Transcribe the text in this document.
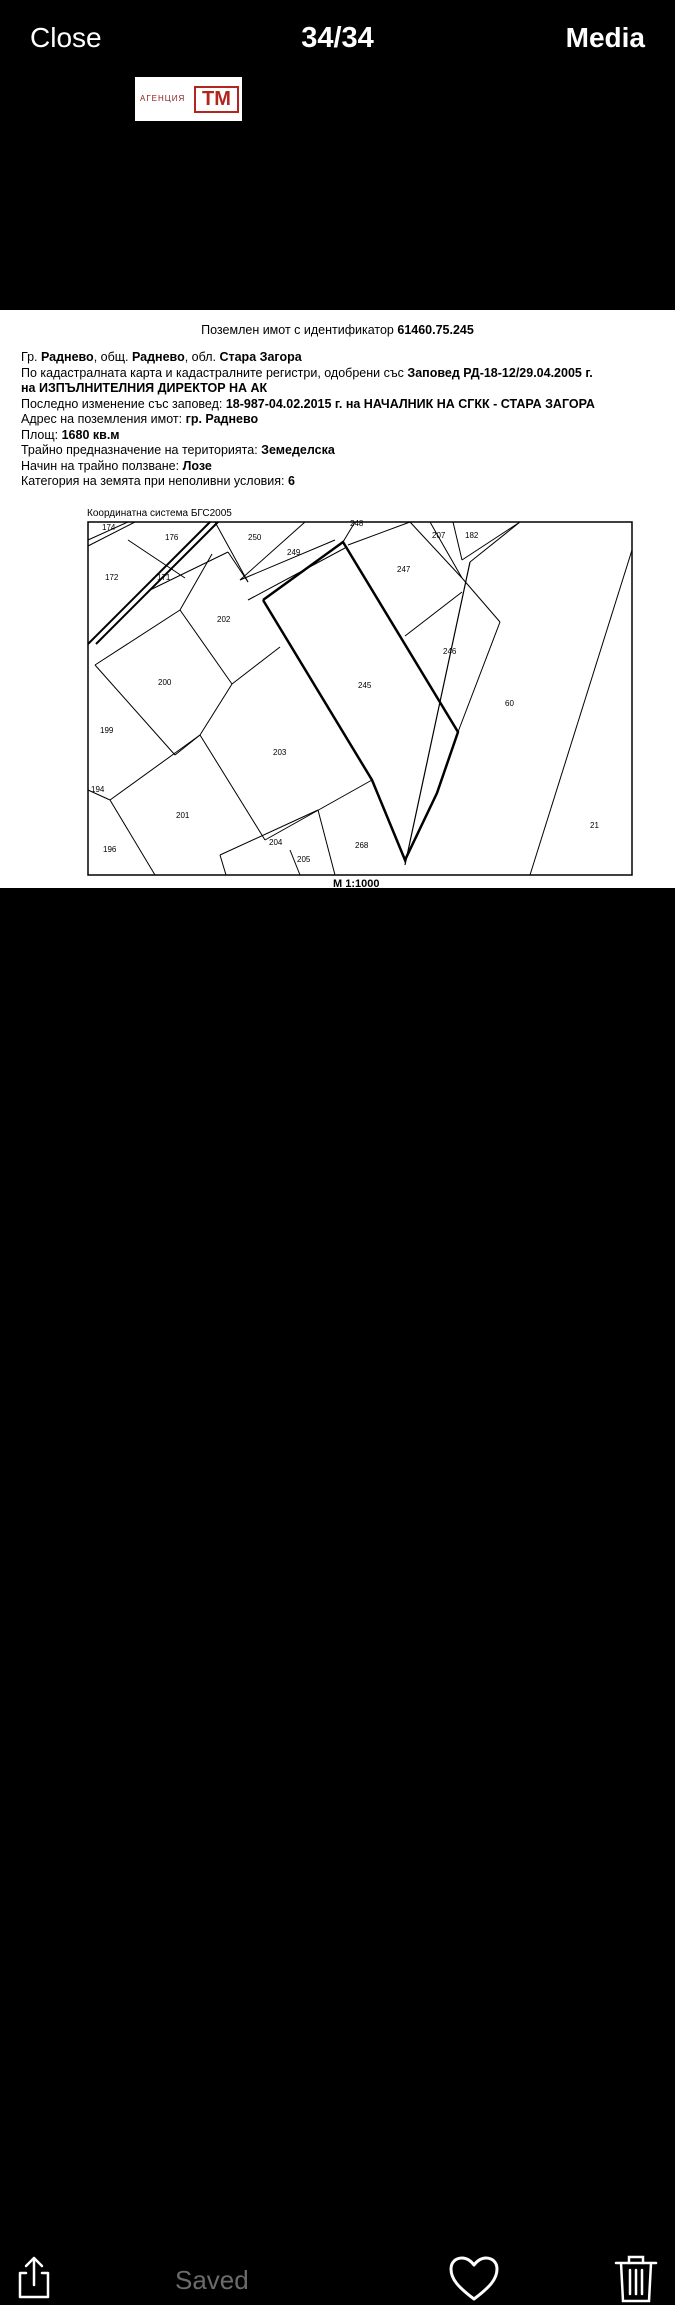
Close	34/34	Media
АГЕНЦИЯ ТМ
Поземлен имот с идентификатор 61460.75.245
Гр. Раднево, общ. Раднево, обл. Стара Загора
По кадастралната карта и кадастралните регистри, одобрени със Заповед РД-18-12/29.04.2005 г.
на ИЗПЪЛНИТЕЛНИЯ ДИРЕКТОР НА АК
Последно изменение със заповед: 18-987-04.02.2015 г. на НАЧАЛНИК НА СГКК - СТАРА ЗАГОРА
Адрес на поземления имот: гр. Раднево
Площ: 1680 кв.м
Трайно предназначение на територията: Земеделска
Начин на трайно ползване: Лозе
Категория на земята при неполивни условия: 6
Координатна система БГС2005
174
176	250
249
248
207 182
172	171
202
247
246
200	245
60
199
203
194
201
21
204
205
268
196
М 1:1000
Saved
